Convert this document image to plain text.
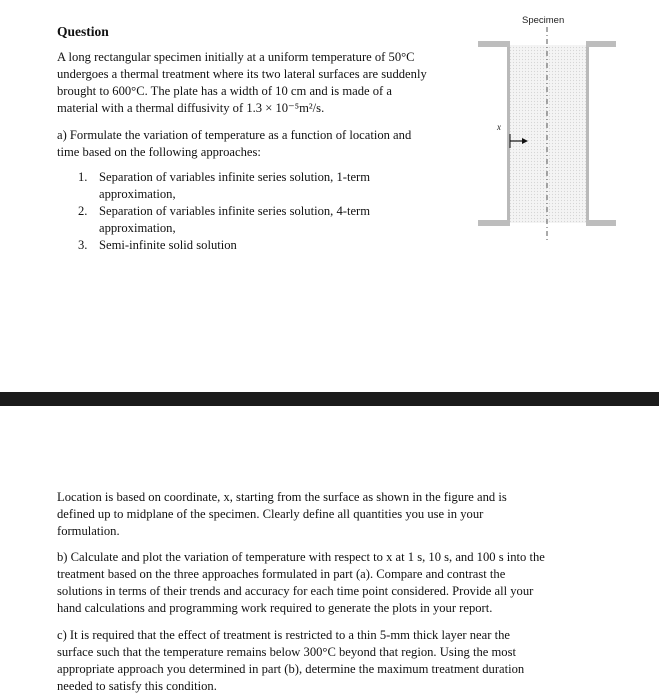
Question

A long rectangular specimen initially at a uniform temperature of 50°C
undergoes a thermal treatment where its two lateral surfaces are suddenly
brought to 600°C. The plate has a width of 10 cm and is made of a
material with a thermal diffusivity of 1.3 × 10⁻⁵m²/s.

a) Formulate the variation of temperature as a function of location and
time based on the following approaches:

1. Separation of variables infinite series solution, 1-term
approximation,
2. Separation of variables infinite series solution, 4-term
approximation,
3. Semi-infinite solid solution
Specimen
x

Location is based on coordinate, x, starting from the surface as shown in the figure and is
defined up to midplane of the specimen. Clearly define all quantities you use in your
formulation.

b) Calculate and plot the variation of temperature with respect to x at 1 s, 10 s, and 100 s into the
treatment based on the three approaches formulated in part (a). Compare and contrast the
solutions in terms of their trends and accuracy for each time point considered. Provide all your
hand calculations and programming work required to generate the plots in your report.

c) It is required that the effect of treatment is restricted to a thin 5-mm thick layer near the
surface such that the temperature remains below 300°C beyond that region. Using the most
appropriate approach you determined in part (b), determine the maximum treatment duration
needed to satisfy this condition.
